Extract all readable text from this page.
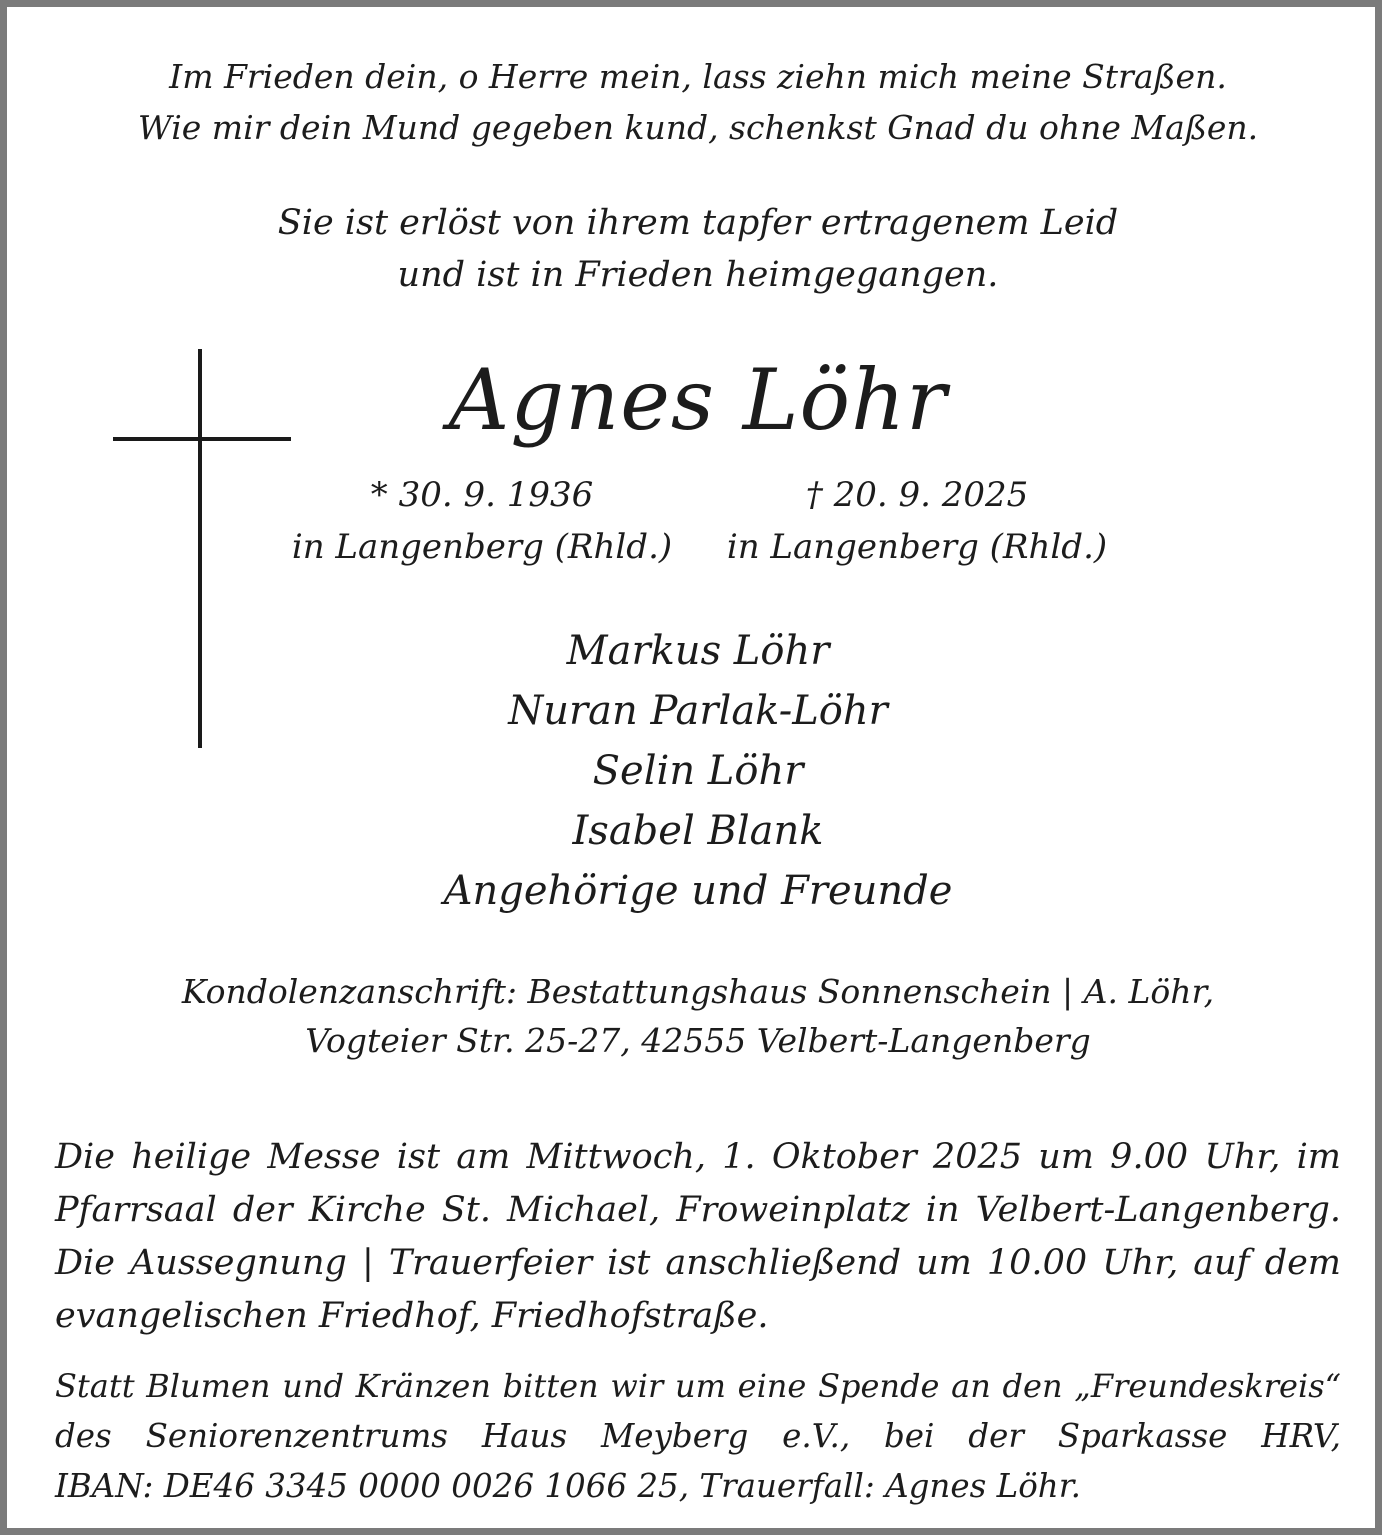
Im Frieden dein, o Herre mein, lass ziehn mich meine Straßen.
Wie mir dein Mund gegeben kund, schenkst Gnad du ohne Maßen.
Sie ist erlöst von ihrem tapfer ertragenem Leid
und ist in Frieden heimgegangen.
Agnes Löhr
* 30. 9. 1936
in Langenberg (Rhld.)
† 20. 9. 2025
in Langenberg (Rhld.)
Markus Löhr
Nuran Parlak-Löhr
Selin Löhr
Isabel Blank
Angehörige und Freunde
Kondolenzanschrift: Bestattungshaus Sonnenschein | A. Löhr,
Vogteier Str. 25-27, 42555 Velbert-Langenberg
Die heilige Messe ist am Mittwoch, 1. Oktober 2025 um 9.00 Uhr, im
Pfarrsaal der Kirche St. Michael, Froweinplatz in Velbert-Langenberg.
Die Aussegnung | Trauerfeier ist anschließend um 10.00 Uhr, auf dem
evangelischen Friedhof, Friedhofstraße.
Statt Blumen und Kränzen bitten wir um eine Spende an den „Freundeskreis“
des Seniorenzentrums Haus Meyberg e.V., bei der Sparkasse HRV,
IBAN: DE46 3345 0000 0026 1066 25, Trauerfall: Agnes Löhr.
